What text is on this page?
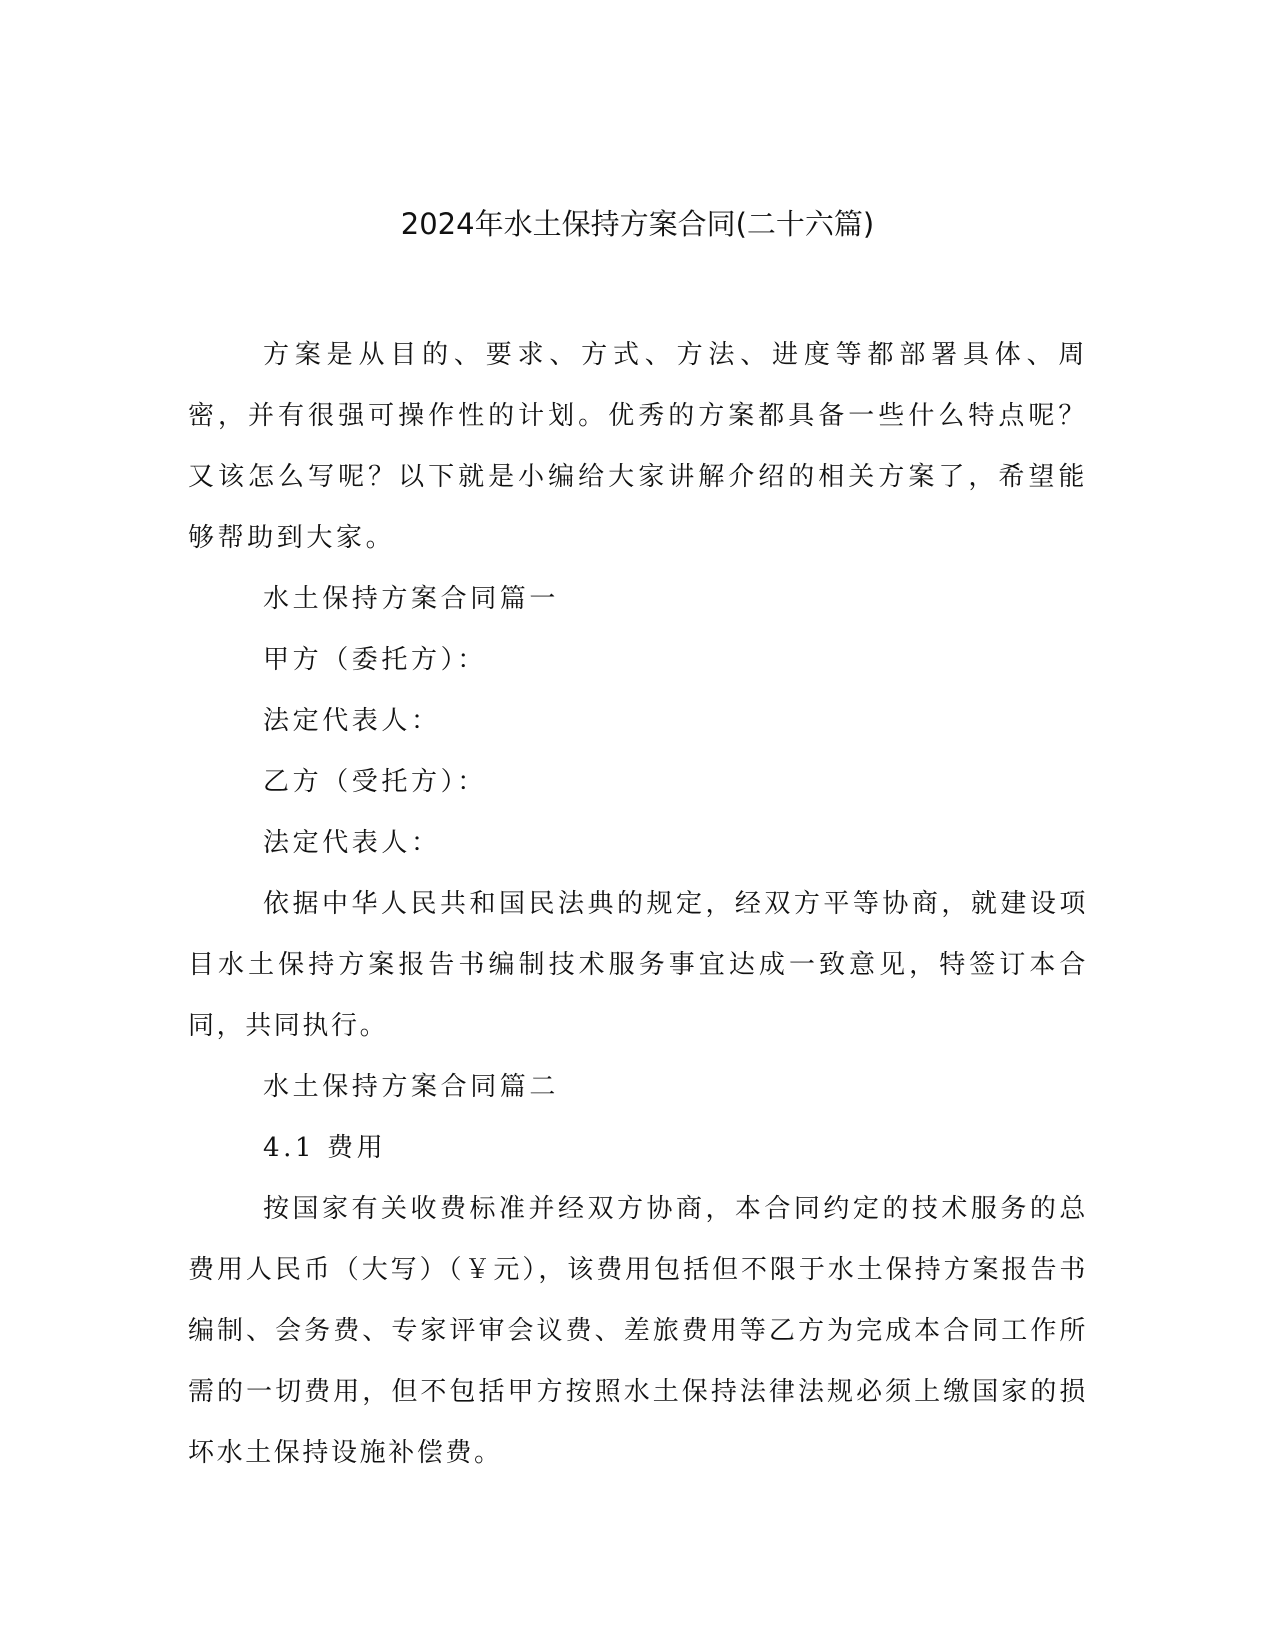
2024年水土保持方案合同(二十六篇)

方案是从目的、要求、方式、方法、进度等都部署具体、周密，并有很强可操作性的计划。优秀的方案都具备一些什么特点呢？又该怎么写呢？以下就是小编给大家讲解介绍的相关方案了，希望能够帮助到大家。

水土保持方案合同篇一

甲方（委托方）：

法定代表人：

乙方（受托方）：

法定代表人：

依据中华人民共和国民法典的规定，经双方平等协商，就建设项目水土保持方案报告书编制技术服务事宜达成一致意见，特签订本合同，共同执行。

水土保持方案合同篇二

4.1 费用

按国家有关收费标准并经双方协商，本合同约定的技术服务的总费用人民币（大写）（￥元），该费用包括但不限于水土保持方案报告书编制、会务费、专家评审会议费、差旅费用等乙方为完成本合同工作所需的一切费用，但不包括甲方按照水土保持法律法规必须上缴国家的损坏水土保持设施补偿费。
